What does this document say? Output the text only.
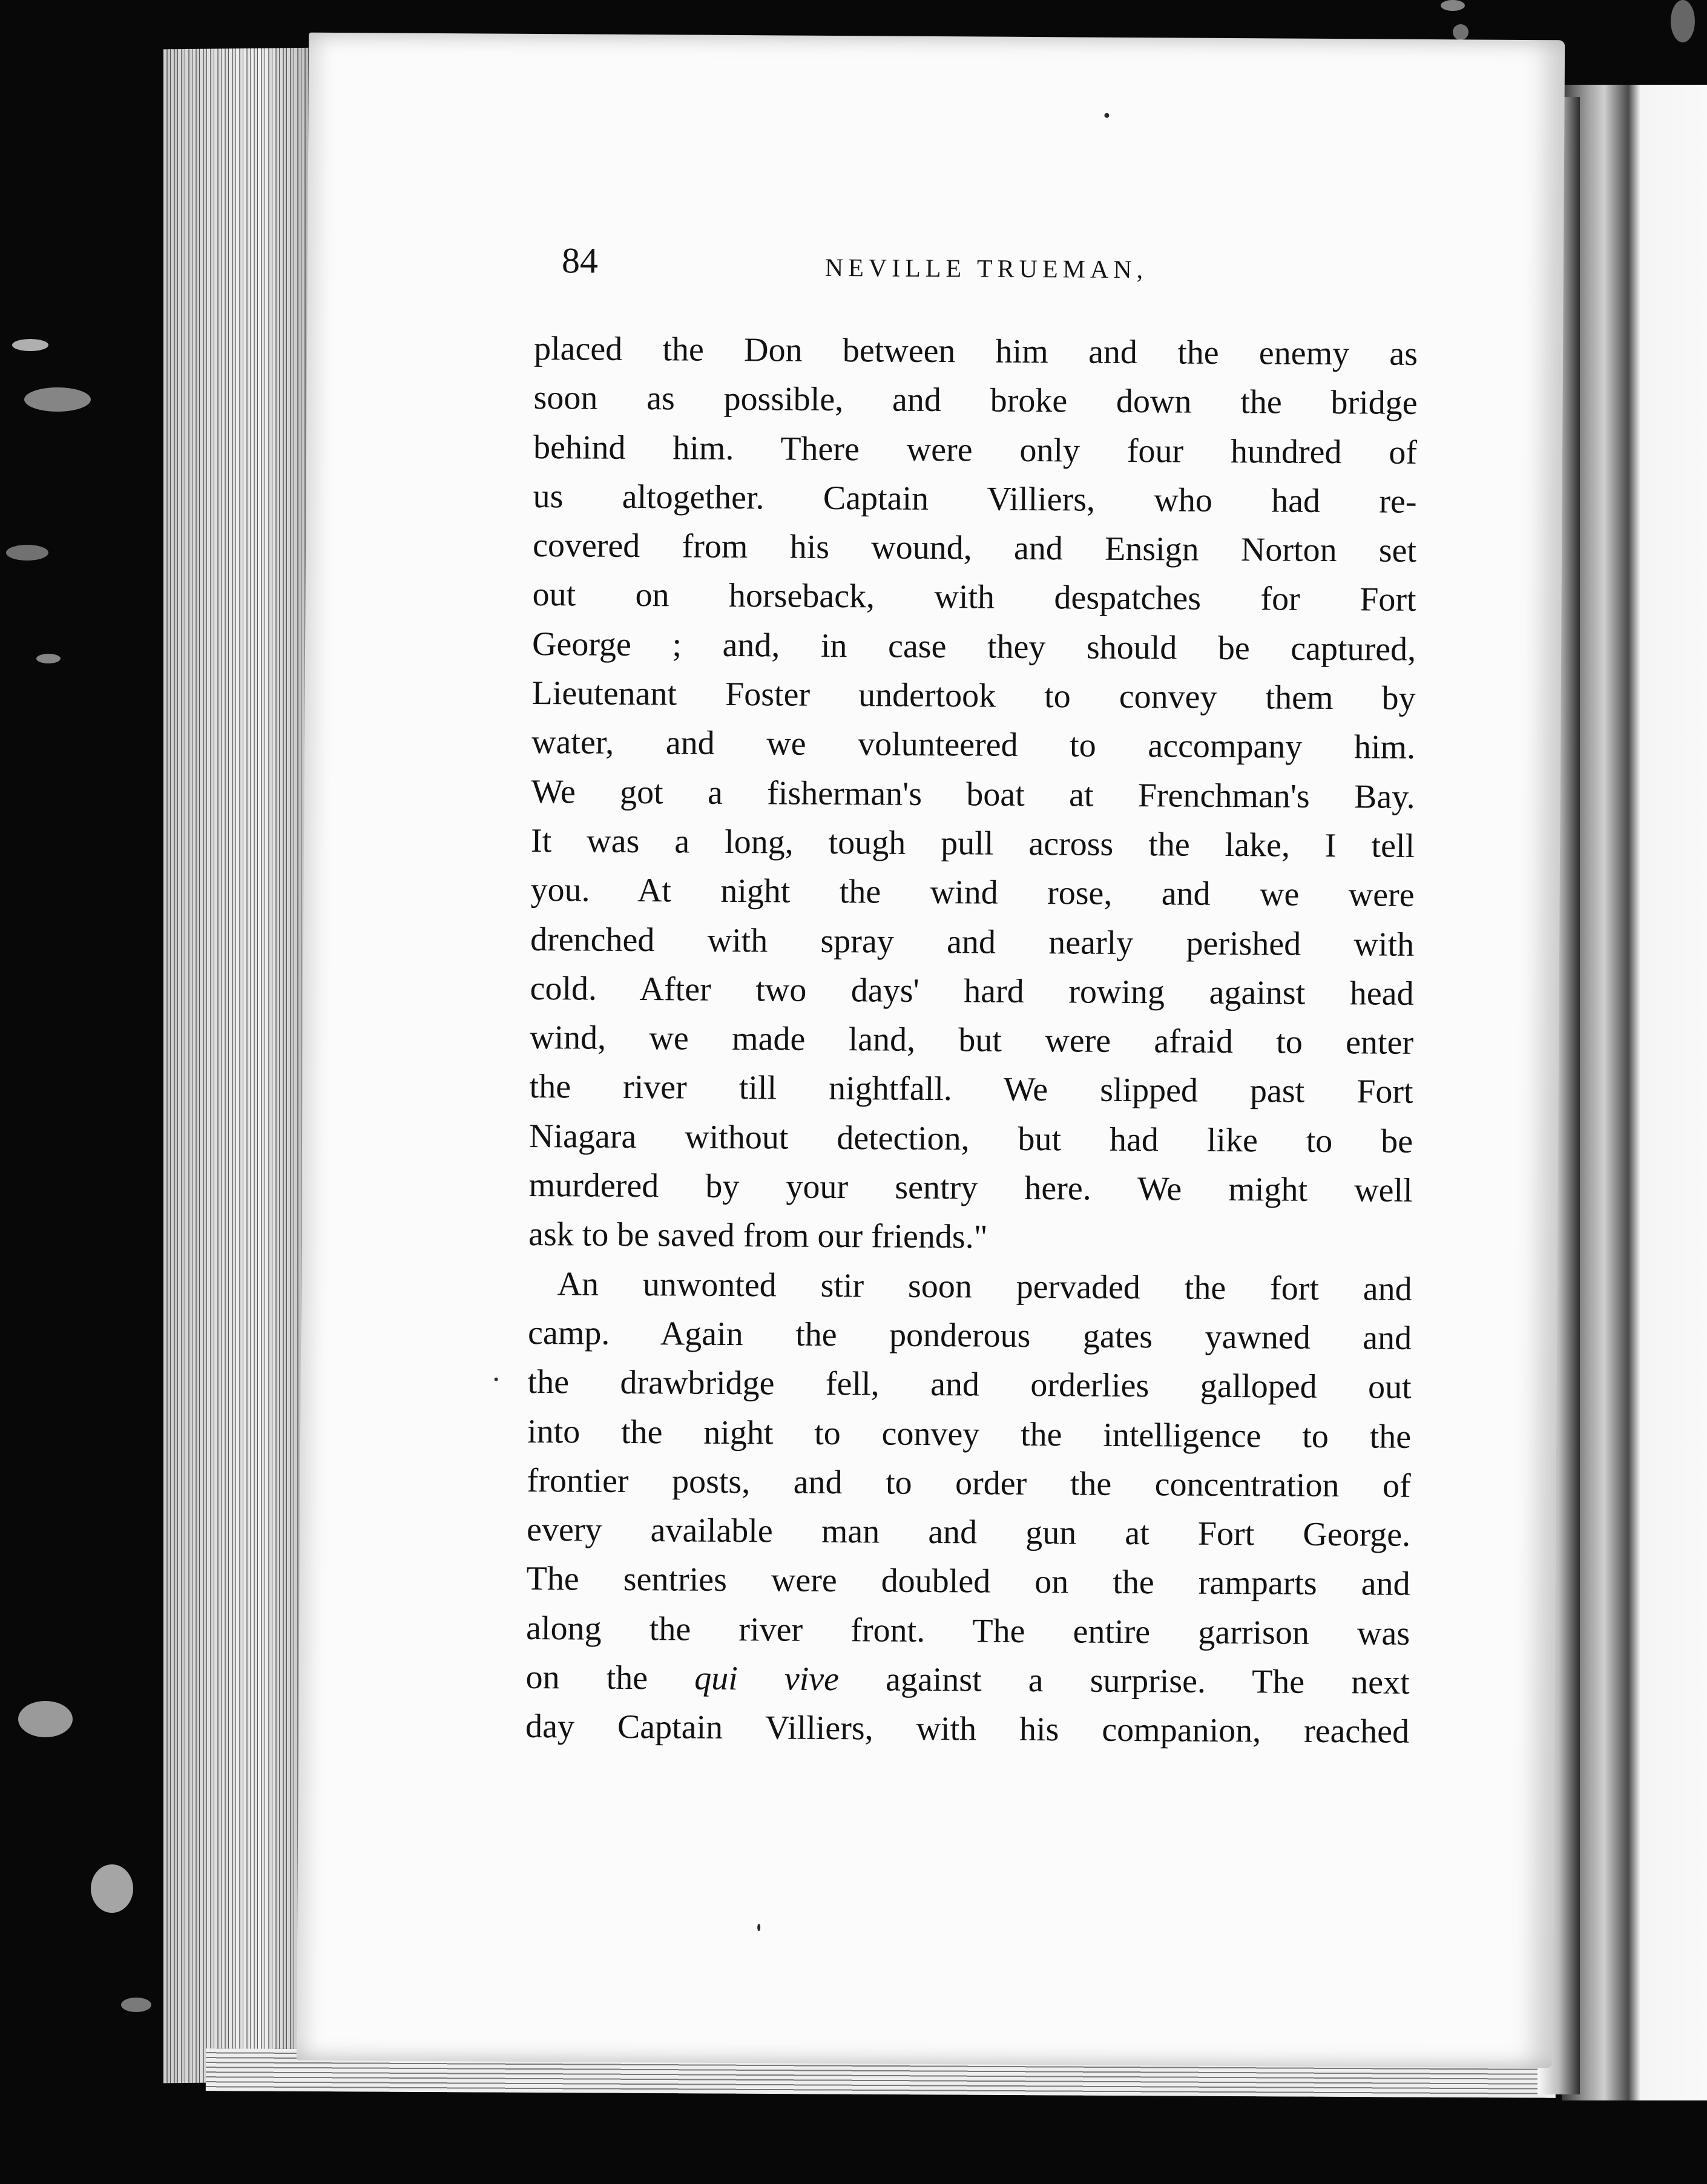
84	NEVILLE TRUEMAN,
placed the Don between him and the enemy as
soon as possible, and broke down the bridge
behind him. There were only four hundred of
us altogether. Captain Villiers, who had re-
covered from his wound, and Ensign Norton set
out on horseback, with despatches for Fort
George ; and, in case they should be captured,
Lieutenant Foster undertook to convey them by
water, and we volunteered to accompany him.
We got a fisherman's boat at Frenchman's Bay.
It was a long, tough pull across the lake, I tell
you. At night the wind rose, and we were
drenched with spray and nearly perished with
cold. After two days' hard rowing against head
wind, we made land, but were afraid to enter
the river till nightfall. We slipped past Fort
Niagara without detection, but had like to be
murdered by your sentry here. We might well
ask to be saved from our friends."
An unwonted stir soon pervaded the fort and
camp. Again the ponderous gates yawned and
the drawbridge fell, and orderlies galloped out
into the night to convey the intelligence to the
frontier posts, and to order the concentration of
every available man and gun at Fort George.
The sentries were doubled on the ramparts and
along the river front. The entire garrison was
on the qui vive against a surprise. The next
day Captain Villiers, with his companion, reached
